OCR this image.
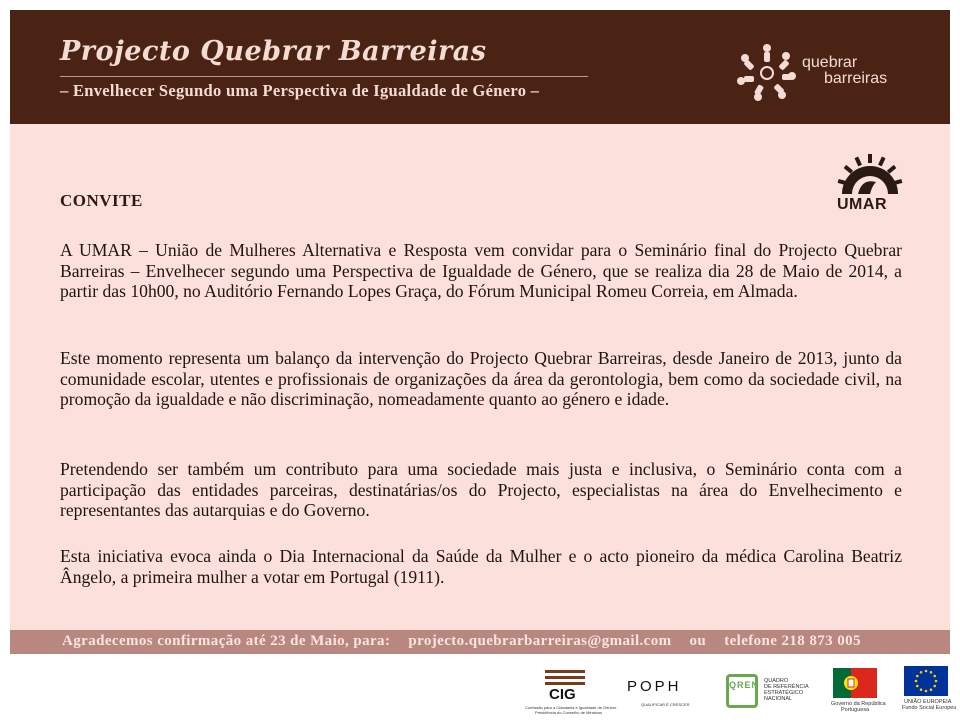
Projecto Quebrar Barreiras
– Envelhecer Segundo uma Perspectiva de Igualdade de Género –
quebrar
barreiras
UMAR
CONVITE

A UMAR – União de Mulheres Alternativa e Resposta vem convidar para o Seminário final do Projecto Quebrar Barreiras – Envelhecer segundo uma Perspectiva de Igualdade de Género, que se realiza dia 28 de Maio de 2014, a partir das 10h00, no Auditório Fernando Lopes Graça, do Fórum Municipal Romeu Correia, em Almada.

Este momento representa um balanço da intervenção do Projecto Quebrar Barreiras, desde Janeiro de 2013, junto da comunidade escolar, utentes e profissionais de organizações da área da gerontologia, bem como da sociedade civil, na promoção da igualdade e não discriminação, nomeadamente quanto ao género e idade.

Pretendendo ser também um contributo para uma sociedade mais justa e inclusiva, o Seminário conta com a participação das entidades parceiras, destinatárias/os do Projecto, especialistas na área do Envelhecimento e representantes das autarquias e do Governo.

Esta iniciativa evoca ainda o Dia Internacional da Saúde da Mulher e o acto pioneiro da médica Carolina Beatriz Ângelo, a primeira mulher a votar em Portugal (1911).

Agradecemos confirmação até 23 de Maio, para: projecto.quebrarbarreiras@gmail.com ou telefone 218 873 005
CIG
Comissão para a Cidadania e Igualdade de Género
Presidência do Conselho de Ministros
POPH
QUALIFICAR É CRESCER
QREN QUADRO
DE REFERÊNCIA
ESTRATÉGICO
NACIONAL
Governo da República
Portuguesa
UNIÃO EUROPEIA
Fundo Social Europeu
